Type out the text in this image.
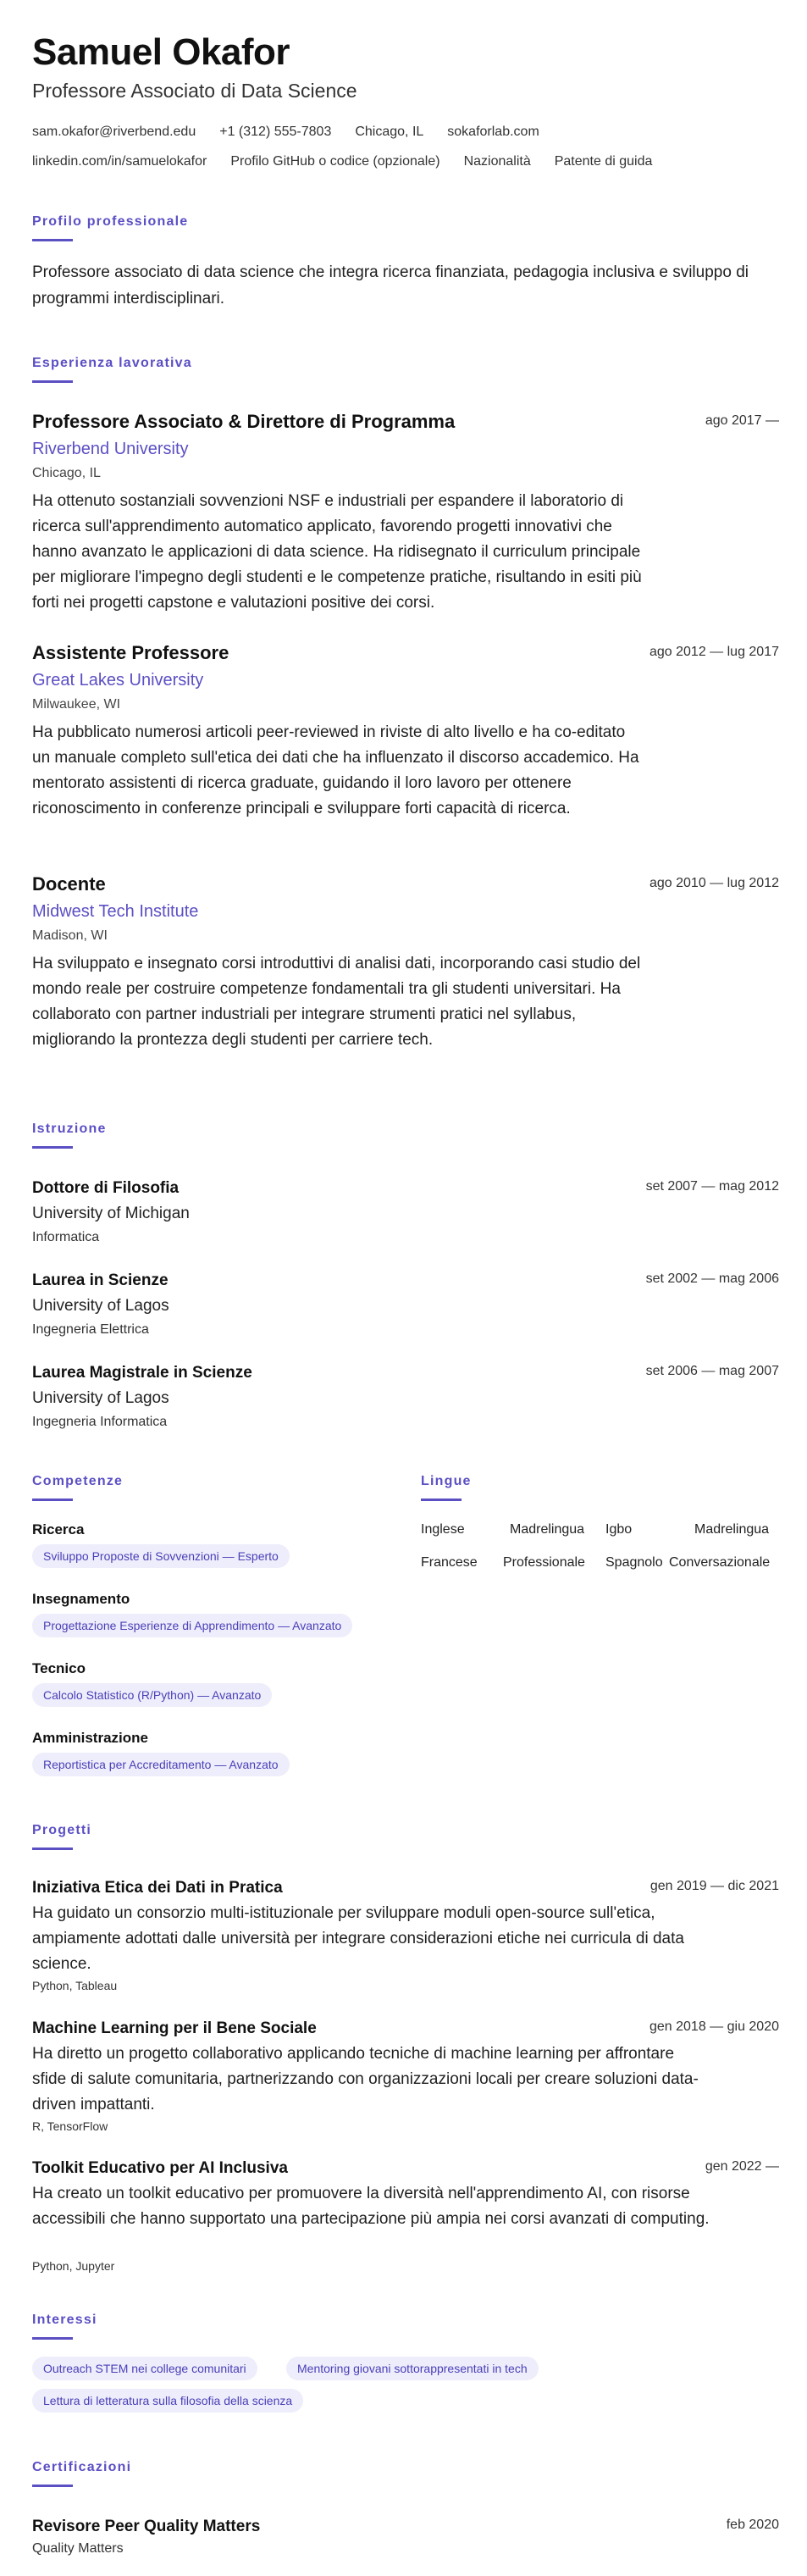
Samuel Okafor
Professore Associato di Data Science
sam.okafor@riverbend.edu +1 (312) 555-7803 Chicago, IL sokaforlab.com
linkedin.com/in/samuelokafor Profilo GitHub o codice (opzionale) Nazionalità Patente di guida
Profilo professionale
Professore associato di data science che integra ricerca finanziata, pedagogia inclusiva e sviluppo di programmi interdisciplinari.
Esperienza lavorativa
Professore Associato & Direttore di Programma	ago 2017 —
Riverbend University
Chicago, IL
Ha ottenuto sostanziali sovvenzioni NSF e industriali per espandere il laboratorio di ricerca sull'apprendimento automatico applicato, favorendo progetti innovativi che hanno avanzato le applicazioni di data science. Ha ridisegnato il curriculum principale per migliorare l'impegno degli studenti e le competenze pratiche, risultando in esiti più forti nei progetti capstone e valutazioni positive dei corsi.
Assistente Professore	ago 2012 — lug 2017
Great Lakes University
Milwaukee, WI
Ha pubblicato numerosi articoli peer-reviewed in riviste di alto livello e ha co-editato un manuale completo sull'etica dei dati che ha influenzato il discorso accademico. Ha mentorato assistenti di ricerca graduate, guidando il loro lavoro per ottenere riconoscimento in conferenze principali e sviluppare forti capacità di ricerca.
Docente	ago 2010 — lug 2012
Midwest Tech Institute
Madison, WI
Ha sviluppato e insegnato corsi introduttivi di analisi dati, incorporando casi studio del mondo reale per costruire competenze fondamentali tra gli studenti universitari. Ha collaborato con partner industriali per integrare strumenti pratici nel syllabus, migliorando la prontezza degli studenti per carriere tech.
Istruzione
Dottore di Filosofia	set 2007 — mag 2012
University of Michigan
Informatica
Laurea in Scienze	set 2002 — mag 2006
University of Lagos
Ingegneria Elettrica
Laurea Magistrale in Scienze	set 2006 — mag 2007
University of Lagos
Ingegneria Informatica
Competenze
Ricerca
Sviluppo Proposte di Sovvenzioni — Esperto
Insegnamento
Progettazione Esperienze di Apprendimento — Avanzato
Tecnico
Calcolo Statistico (R/Python) — Avanzato
Amministrazione
Reportistica per Accreditamento — Avanzato
Lingue
Inglese	Madrelingua Igbo	Madrelingua
Francese Professionale Spagnolo Conversazionale
Progetti
Iniziativa Etica dei Dati in Pratica	gen 2019 — dic 2021
Ha guidato un consorzio multi-istituzionale per sviluppare moduli open-source sull'etica, ampiamente adottati dalle università per integrare considerazioni etiche nei curricula di data science.
Python, Tableau
Machine Learning per il Bene Sociale	gen 2018 — giu 2020
Ha diretto un progetto collaborativo applicando tecniche di machine learning per affrontare sfide di salute comunitaria, partnerizzando con organizzazioni locali per creare soluzioni data-driven impattanti.
R, TensorFlow
Toolkit Educativo per AI Inclusiva	gen 2022 —
Ha creato un toolkit educativo per promuovere la diversità nell'apprendimento AI, con risorse accessibili che hanno supportato una partecipazione più ampia nei corsi avanzati di computing.
Python, Jupyter
Interessi
Outreach STEM nei college comunitari	Mentoring giovani sottorappresentati in tech
Lettura di letteratura sulla filosofia della scienza
Certificazioni
Revisore Peer Quality Matters	feb 2020
Quality Matters
